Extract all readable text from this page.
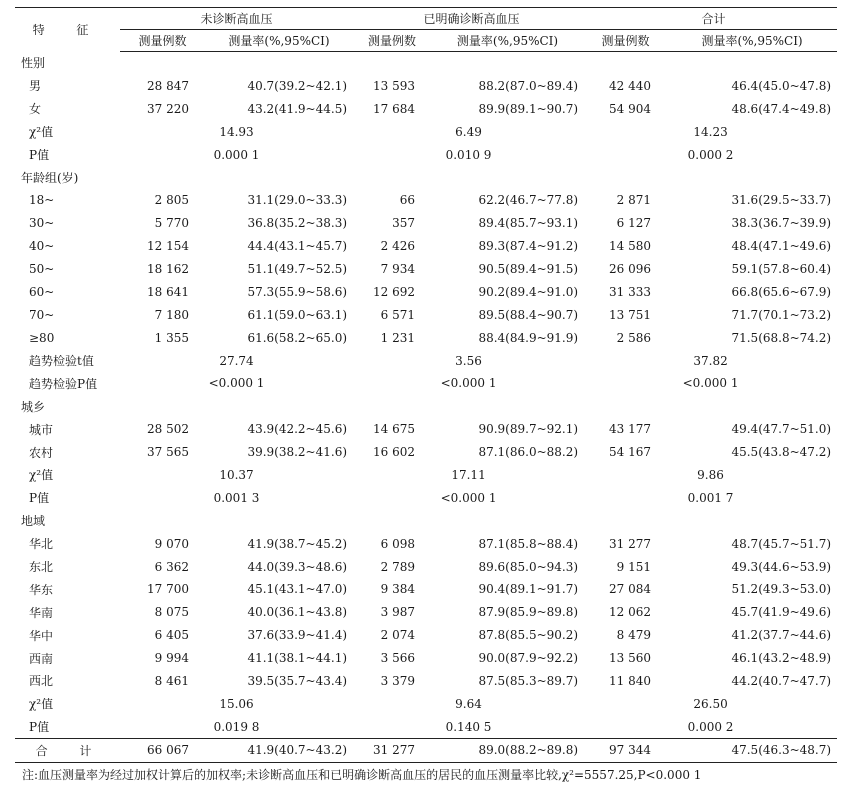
特 征	未诊断高血压		已明确诊断高血压		合计	
	测量例数	测量率(%,95%CI)	测量例数	测量率(%,95%CI)	测量例数	测量率(%,95%CI)
性别						
男	28 847	40.7(39.2~42.1)	13 593	88.2(87.0~89.4)	42 440	46.4(45.0~47.8)
女	37 220	43.2(41.9~44.5)	17 684	89.9(89.1~90.7)	54 904	48.6(47.4~49.8)
χ²值	14.93		6.49		14.23	
P值	0.000 1		0.010 9		0.000 2	
年龄组(岁)						
18~	2 805	31.1(29.0~33.3)	66	62.2(46.7~77.8)	2 871	31.6(29.5~33.7)
30~	5 770	36.8(35.2~38.3)	357	89.4(85.7~93.1)	6 127	38.3(36.7~39.9)
40~	12 154	44.4(43.1~45.7)	2 426	89.3(87.4~91.2)	14 580	48.4(47.1~49.6)
50~	18 162	51.1(49.7~52.5)	7 934	90.5(89.4~91.5)	26 096	59.1(57.8~60.4)
60~	18 641	57.3(55.9~58.6)	12 692	90.2(89.4~91.0)	31 333	66.8(65.6~67.9)
70~	7 180	61.1(59.0~63.1)	6 571	89.5(88.4~90.7)	13 751	71.7(70.1~73.2)
≥80	1 355	61.6(58.2~65.0)	1 231	88.4(84.9~91.9)	2 586	71.5(68.8~74.2)
趋势检验t值	27.74		3.56		37.82	
趋势检验P值	<0.000 1		<0.000 1		<0.000 1	
城乡						
城市	28 502	43.9(42.2~45.6)	14 675	90.9(89.7~92.1)	43 177	49.4(47.7~51.0)
农村	37 565	39.9(38.2~41.6)	16 602	87.1(86.0~88.2)	54 167	45.5(43.8~47.2)
χ²值	10.37		17.11		9.86	
P值	0.001 3		<0.000 1		0.001 7	
地域						
华北	9 070	41.9(38.7~45.2)	6 098	87.1(85.8~88.4)	31 277	48.7(45.7~51.7)
东北	6 362	44.0(39.3~48.6)	2 789	89.6(85.0~94.3)	9 151	49.3(44.6~53.9)
华东	17 700	45.1(43.1~47.0)	9 384	90.4(89.1~91.7)	27 084	51.2(49.3~53.0)
华南	8 075	40.0(36.1~43.8)	3 987	87.9(85.9~89.8)	12 062	45.7(41.9~49.6)
华中	6 405	37.6(33.9~41.4)	2 074	87.8(85.5~90.2)	8 479	41.2(37.7~44.6)
西南	9 994	41.1(38.1~44.1)	3 566	90.0(87.9~92.2)	13 560	46.1(43.2~48.9)
西北	8 461	39.5(35.7~43.4)	3 379	87.5(85.3~89.7)	11 840	44.2(40.7~47.7)
χ²值	15.06		9.64		26.50	
P值	0.019 8		0.140 5		0.000 2	
合 计	66 067	41.9(40.7~43.2)	31 277	89.0(88.2~89.8)	97 344	47.5(46.3~48.7)
注:血压测量率为经过加权计算后的加权率;未诊断高血压和已明确诊断高血压的居民的血压测量率比较,χ²=5557.25,P<0.000 1
